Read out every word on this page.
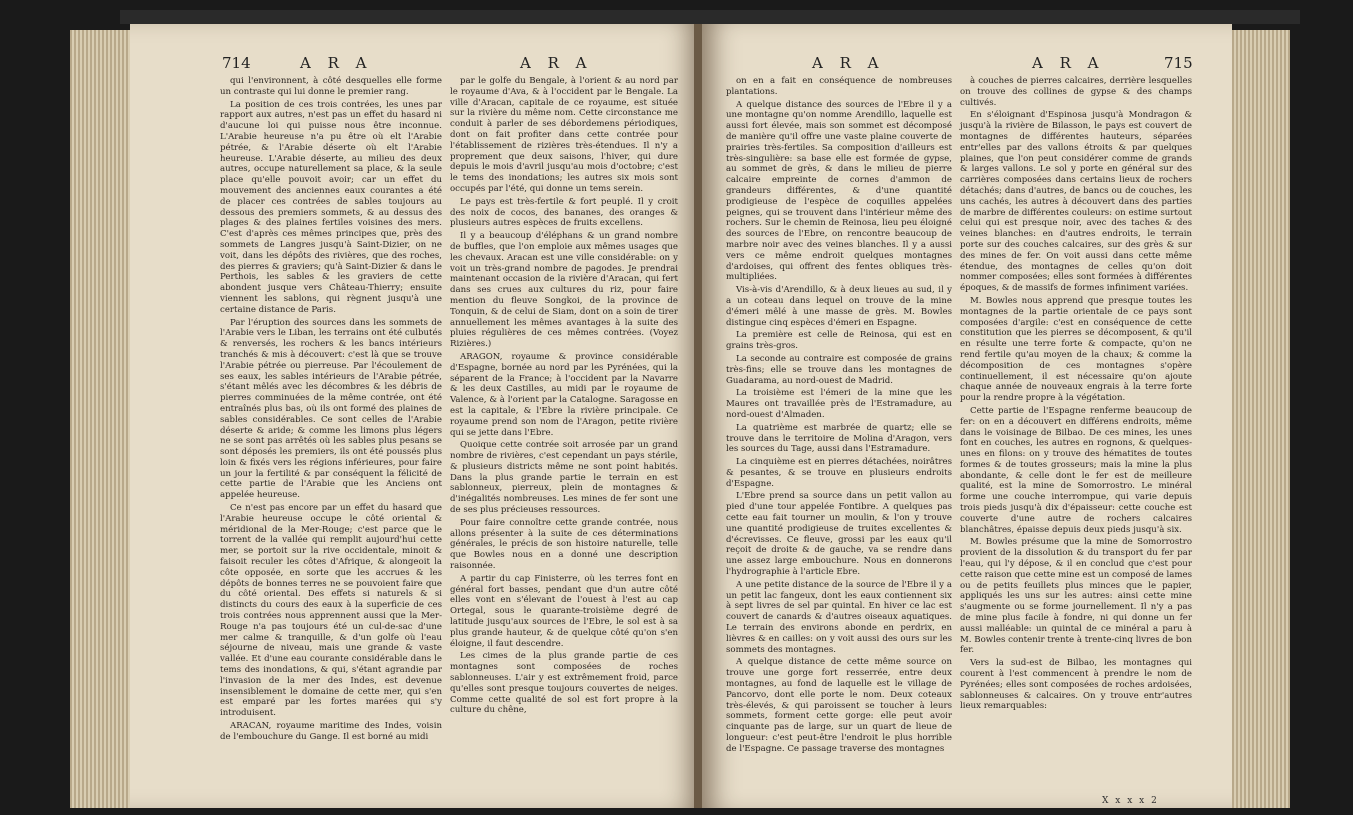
714	A R A	A R A

qui l'environnent, à côté desquelles elle forme un contraste qui lui donne le premier rang.

La position de ces trois contrées, les unes par rapport aux autres, n'est pas un effet du hasard ni d'aucune loi qui puisse nous être inconnue. L'Arabie heureuse n'a pu être où elt l'Arabie pétrée, & l'Arabie déserte où elt l'Arabie heureuse. L'Arabie déserte, au milieu des deux autres, occupe naturellement sa place, & la seule place qu'elle pouvoit avoir; car un effet du mouvement des anciennes eaux courantes a été de placer ces contrées de sables toujours au dessous des premiers sommets, & au dessus des plages & des plaines fertiles voisines des mers. C'est d'après ces mêmes principes que, près des sommets de Langres jusqu'à Saint-Dizier, on ne voit, dans les dépôts des rivières, que des roches, des pierres & graviers; qu'à Saint-Dizier & dans le Perthois, les sables & les graviers de cette abondent jusque vers Château-Thierry; ensuite viennent les sablons, qui règnent jusqu'à une certaine distance de Paris.

Par l'éruption des sources dans les sommets de l'Arabie vers le Liban, les terrains ont été culbutés & renversés, les rochers & les bancs intérieurs tranchés & mis à découvert: c'est là que se trouve l'Arabie pétrée ou pierreuse. Par l'écoulement de ses eaux, les sables intérieurs de l'Arabie pétrée, s'étant mêlés avec les décombres & les débris de pierres comminuées de la même contrée, ont été entraînés plus bas, où ils ont formé des plaines de sables considérables. Ce sont celles de l'Arabie déserte & aride; & comme les limons plus légers ne se sont pas arrêtés où les sables plus pesans se sont déposés les premiers, ils ont été poussés plus loin & fixés vers les régions inférieures, pour faire un jour la fertilité & par conséquent la félicité de cette partie de l'Arabie que les Anciens ont appelée heureuse.

Ce n'est pas encore par un effet du hasard que l'Arabie heureuse occupe le côté oriental & méridional de la Mer-Rouge; c'est parce que le torrent de la vallée qui remplit aujourd'hui cette mer, se portoit sur la rive occidentale, minoit & faisoit reculer les côtes d'Afrique, & alongeoit la côte opposée, en sorte que les accrues & les dépôts de bonnes terres ne se pouvoient faire que du côté oriental. Des effets si naturels & si distincts du cours des eaux à la superficie de ces trois contrées nous apprennent aussi que la Mer-Rouge n'a pas toujours été un cul-de-sac d'une mer calme & tranquille, & d'un golfe où l'eau séjourne de niveau, mais une grande & vaste vallée. Et d'une eau courante considérable dans le tems des inondations, & qui, s'étant agrandie par l'invasion de la mer des Indes, est devenue insensiblement le domaine de cette mer, qui s'en est emparé par les fortes marées qui s'y introduisent.

ARACAN, royaume maritime des Indes, voisin de l'embouchure du Gange. Il est borné au midi

par le golfe du Bengale, à l'orient & au nord par le royaume d'Ava, & à l'occident par le Bengale. La ville d'Aracan, capitale de ce royaume, est située sur la rivière du même nom. Cette circonstance me conduit à parler de ses débordemens périodiques, dont on fait profiter dans cette contrée pour l'établissement de rizières très-étendues. Il n'y a proprement que deux saisons, l'hiver, qui dure depuis le mois d'avril jusqu'au mois d'octobre; c'est le tems des inondations; les autres six mois sont occupés par l'été, qui donne un tems serein.

Le pays est très-fertile & fort peuplé. Il y croit des noix de cocos, des bananes, des oranges & plusieurs autres espèces de fruits excellens.

Il y a beaucoup d'éléphans & un grand nombre de buffles, que l'on emploie aux mêmes usages que les chevaux. Aracan est une ville considérable: on y voit un très-grand nombre de pagodes. Je prendrai maintenant occasion de la rivière d'Aracan, qui fert dans ses crues aux cultures du riz, pour faire mention du fleuve Songkoi, de la province de Tonquin, & de celui de Siam, dont on a soin de tirer annuellement les mêmes avantages à la suite des pluies régulières de ces mêmes contrées. (Voyez Rizières.)

ARAGON, royaume & province considérable d'Espagne, bornée au nord par les Pyrénées, qui la séparent de la France; à l'occident par la Navarre & les deux Castilles, au midi par le royaume de Valence, & à l'orient par la Catalogne. Saragosse en est la capitale, & l'Ebre la rivière principale. Ce royaume prend son nom de l'Aragon, petite rivière qui se jette dans l'Ebre.

Quoique cette contrée soit arrosée par un grand nombre de rivières, c'est cependant un pays stérile, & plusieurs districts même ne sont point habités. Dans la plus grande partie le terrain en est sablonneux, pierreux, plein de montagnes & d'inégalités nombreuses. Les mines de fer sont une de ses plus précieuses ressources.

Pour faire connoître cette grande contrée, nous allons présenter à la suite de ces déterminations générales, le précis de son histoire naturelle, telle que Bowles nous en a donné une description raisonnée.

A partir du cap Finisterre, où les terres font en général fort basses, pendant que d'un autre côté elles vont en s'élevant de l'ouest à l'est au cap Ortegal, sous le quarante-troisième degré de latitude jusqu'aux sources de l'Ebre, le sol est à sa plus grande hauteur, & de quelque côté qu'on s'en éloigne, il faut descendre.

Les cimes de la plus grande partie de ces montagnes sont composées de roches sablonneuses. L'air y est extrêmement froid, parce qu'elles sont presque toujours couvertes de neiges. Comme cette qualité de sol est fort propre à la culture du chêne,

A R A	A R A	715

on en a fait en conséquence de nombreuses plantations.

A quelque distance des sources de l'Ebre il y a une montagne qu'on nomme Arendillo, laquelle est aussi fort élevée, mais son sommet est décomposé de manière qu'il offre une vaste plaine couverte de prairies très-fertiles. Sa composition d'ailleurs est très-singulière: sa base elle est formée de gypse, au sommet de grès, & dans le milieu de pierre calcaire empreinte de cornes d'ammon de grandeurs différentes, & d'une quantité prodigieuse de l'espèce de coquilles appelées peignes, qui se trouvent dans l'intérieur même des rochers. Sur le chemin de Reinosa, lieu peu éloigné des sources de l'Ebre, on rencontre beaucoup de marbre noir avec des veines blanches. Il y a aussi vers ce même endroit quelques montagnes d'ardoises, qui offrent des fentes obliques très-multipliées.

Vis-à-vis d'Arendillo, & à deux lieues au sud, il y a un coteau dans lequel on trouve de la mine d'émeri mêlé à une masse de grès. M. Bowles distingue cinq espèces d'émeri en Espagne.

La première est celle de Reinosa, qui est en grains très-gros.

La seconde au contraire est composée de grains très-fins; elle se trouve dans les montagnes de Guadarama, au nord-ouest de Madrid.

La troisième est l'émeri de la mine que les Maures ont travaillée près de l'Estramadure, au nord-ouest d'Almaden.

La quatrième est marbrée de quartz; elle se trouve dans le territoire de Molina d'Aragon, vers les sources du Tage, aussi dans l'Estramadure.

La cinquième est en pierres détachées, noirâtres & pesantes, & se trouve en plusieurs endroits d'Espagne.

L'Ebre prend sa source dans un petit vallon au pied d'une tour appelée Fontibre. A quelques pas cette eau fait tourner un moulin, & l'on y trouve une quantité prodigieuse de truites excellentes & d'écrevisses. Ce fleuve, grossi par les eaux qu'il reçoit de droite & de gauche, va se rendre dans une assez large embouchure. Nous en donnerons l'hydrographie à l'article Ebre.

A une petite distance de la source de l'Ebre il y a un petit lac fangeux, dont les eaux contiennent six à sept livres de sel par quintal. En hiver ce lac est couvert de canards & d'autres oiseaux aquatiques. Le terrain des environs abonde en perdrix, en lièvres & en cailles: on y voit aussi des ours sur les sommets des montagnes.

A quelque distance de cette même source on trouve une gorge fort resserrée, entre deux montagnes, au fond de laquelle est le village de Pancorvo, dont elle porte le nom. Deux coteaux très-élevés, & qui paroissent se toucher à leurs sommets, forment cette gorge: elle peut avoir cinquante pas de large, sur un quart de lieue de longueur: c'est peut-être l'endroit le plus horrible de l'Espagne. Ce passage traverse des montagnes

à couches de pierres calcaires, derrière lesquelles on trouve des collines de gypse & des champs cultivés.

En s'éloignant d'Espinosa jusqu'à Mondragon & jusqu'à la rivière de Bilasson, le pays est couvert de montagnes de différentes hauteurs, séparées entr'elles par des vallons étroits & par quelques plaines, que l'on peut considérer comme de grands & larges vallons. Le sol y porte en général sur des carrières composées dans certains lieux de rochers détachés; dans d'autres, de bancs ou de couches, les uns cachés, les autres à découvert dans des parties de marbre de différentes couleurs: on estime surtout celui qui est presque noir, avec des taches & des veines blanches: en d'autres endroits, le terrain porte sur des couches calcaires, sur des grès & sur des mines de fer. On voit aussi dans cette même étendue, des montagnes de celles qu'on doit nommer composées; elles sont formées à différentes époques, & de massifs de formes infiniment variées.

M. Bowles nous apprend que presque toutes les montagnes de la partie orientale de ce pays sont composées d'argile: c'est en conséquence de cette constitution que les pierres se décomposent, & qu'il en résulte une terre forte & compacte, qu'on ne rend fertile qu'au moyen de la chaux; & comme la décomposition de ces montagnes s'opère continuellement, il est nécessaire qu'on ajoute chaque année de nouveaux engrais à la terre forte pour la rendre propre à la végétation.

Cette partie de l'Espagne renferme beaucoup de fer: on en a découvert en différens endroits, même dans le voisinage de Bilbao. De ces mines, les unes font en couches, les autres en rognons, & quelques-unes en filons: on y trouve des hématites de toutes formes & de toutes grosseurs; mais la mine la plus abondante, & celle dont le fer est de meilleure qualité, est la mine de Somorrostro. Le minéral forme une couche interrompue, qui varie depuis trois pieds jusqu'à dix d'épaisseur: cette couche est couverte d'une autre de rochers calcaires blanchâtres, épaisse depuis deux pieds jusqu'à six.

M. Bowles présume que la mine de Somorrostro provient de la dissolution & du transport du fer par l'eau, qui l'y dépose, & il en conclud que c'est pour cette raison que cette mine est un composé de lames ou de petits feuillets plus minces que le papier, appliqués les uns sur les autres: ainsi cette mine s'augmente ou se forme journellement. Il n'y a pas de mine plus facile à fondre, ni qui donne un fer aussi malléable: un quintal de ce minéral a paru à M. Bowles contenir trente à trente-cinq livres de bon fer.

Vers la sud-est de Bilbao, les montagnes qui courent à l'est commencent à prendre le nom de Pyrénées; elles sont composées de roches ardoisées, sablonneuses & calcaires. On y trouve entr'autres lieux remarquables:

X x x x 2
